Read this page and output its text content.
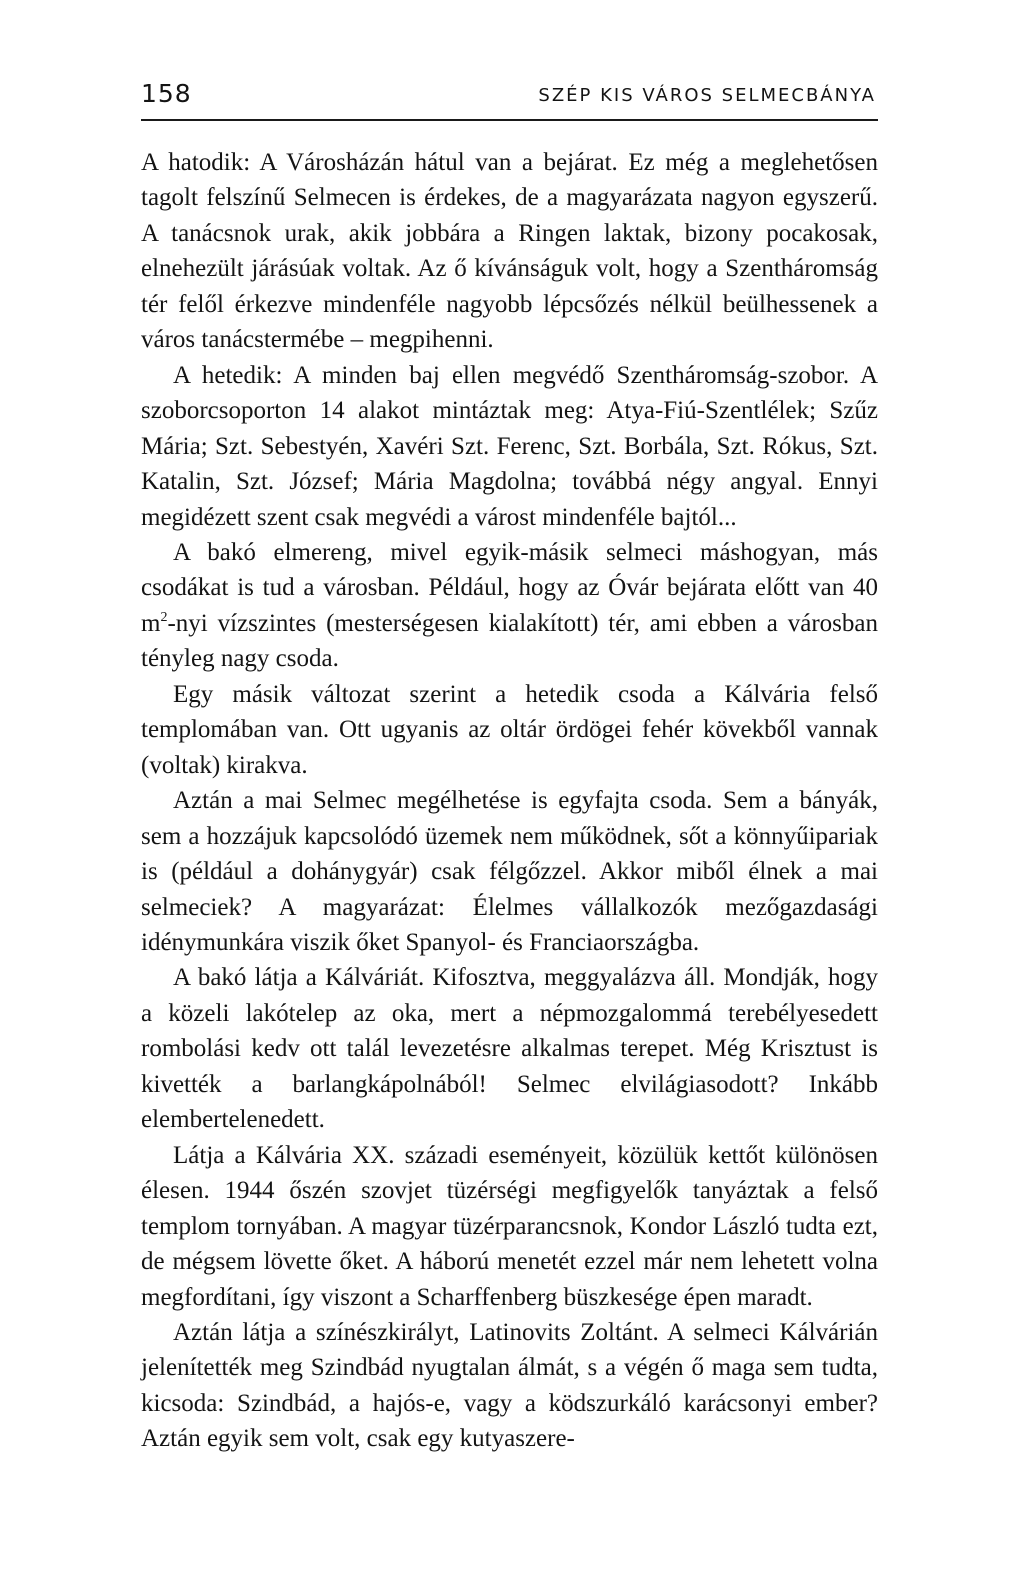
158	SZÉP KIS VÁROS SELMECBÁNYA

A hatodik: A Városházán hátul van a bejárat. Ez még a meglehetősen tagolt felszínű Selmecen is érdekes, de a magyarázata nagyon egyszerű. A tanácsnok urak, akik jobbára a Ringen laktak, bizony pocakosak, elnehezült járásúak voltak. Az ő kívánságuk volt, hogy a Szentháromság tér felől érkezve mindenféle nagyobb lépcsőzés nélkül beülhessenek a város tanácstermébe – megpihenni.

A hetedik: A minden baj ellen megvédő Szentháromság-szobor. A szoborcsoporton 14 alakot mintáztak meg: Atya-Fiú-Szentlélek; Szűz Mária; Szt. Sebestyén, Xavéri Szt. Ferenc, Szt. Borbála, Szt. Rókus, Szt. Katalin, Szt. József; Mária Magdolna; továbbá négy angyal. Ennyi megidézett szent csak megvédi a várost mindenféle bajtól...

A bakó elmereng, mivel egyik-másik selmeci máshogyan, más csodákat is tud a városban. Például, hogy az Óvár bejárata előtt van 40 $m^2$-nyi vízszintes (mesterségesen kialakított) tér, ami ebben a városban tényleg nagy csoda.

Egy másik változat szerint a hetedik csoda a Kálvária felső templomában van. Ott ugyanis az oltár ördögei fehér kövekből vannak (voltak) kirakva.

Aztán a mai Selmec megélhetése is egyfajta csoda. Sem a bányák, sem a hozzájuk kapcsolódó üzemek nem működnek, sőt a könnyűipariak is (például a dohánygyár) csak félgőzzel. Akkor miből élnek a mai selmeciek? A magyarázat: Élelmes vállalkozók mezőgazdasági idénymunkára viszik őket Spanyol- és Franciaországba.

A bakó látja a Kálváriát. Kifosztva, meggyalázva áll. Mondják, hogy a közeli lakótelep az oka, mert a népmozgalommá terebélyesedett rombolási kedv ott talál levezetésre alkalmas terepet. Még Krisztust is kivették a barlangkápolnából! Selmec elvilágiasodott? Inkább elembertelenedett.

Látja a Kálvária XX. századi eseményeit, közülük kettőt különösen élesen. 1944 őszén szovjet tüzérségi megfigyelők tanyáztak a felső templom tornyában. A magyar tüzérparancsnok, Kondor László tudta ezt, de mégsem lövette őket. A háború menetét ezzel már nem lehetett volna megfordítani, így viszont a Scharffenberg büszkesége épen maradt.

Aztán látja a színészkirályt, Latinovits Zoltánt. A selmeci Kálvárián jelenítették meg Szindbád nyugtalan álmát, s a végén ő maga sem tudta, kicsoda: Szindbád, a hajós-e, vagy a ködszurkáló karácsonyi ember? Aztán egyik sem volt, csak egy kutyaszere-
